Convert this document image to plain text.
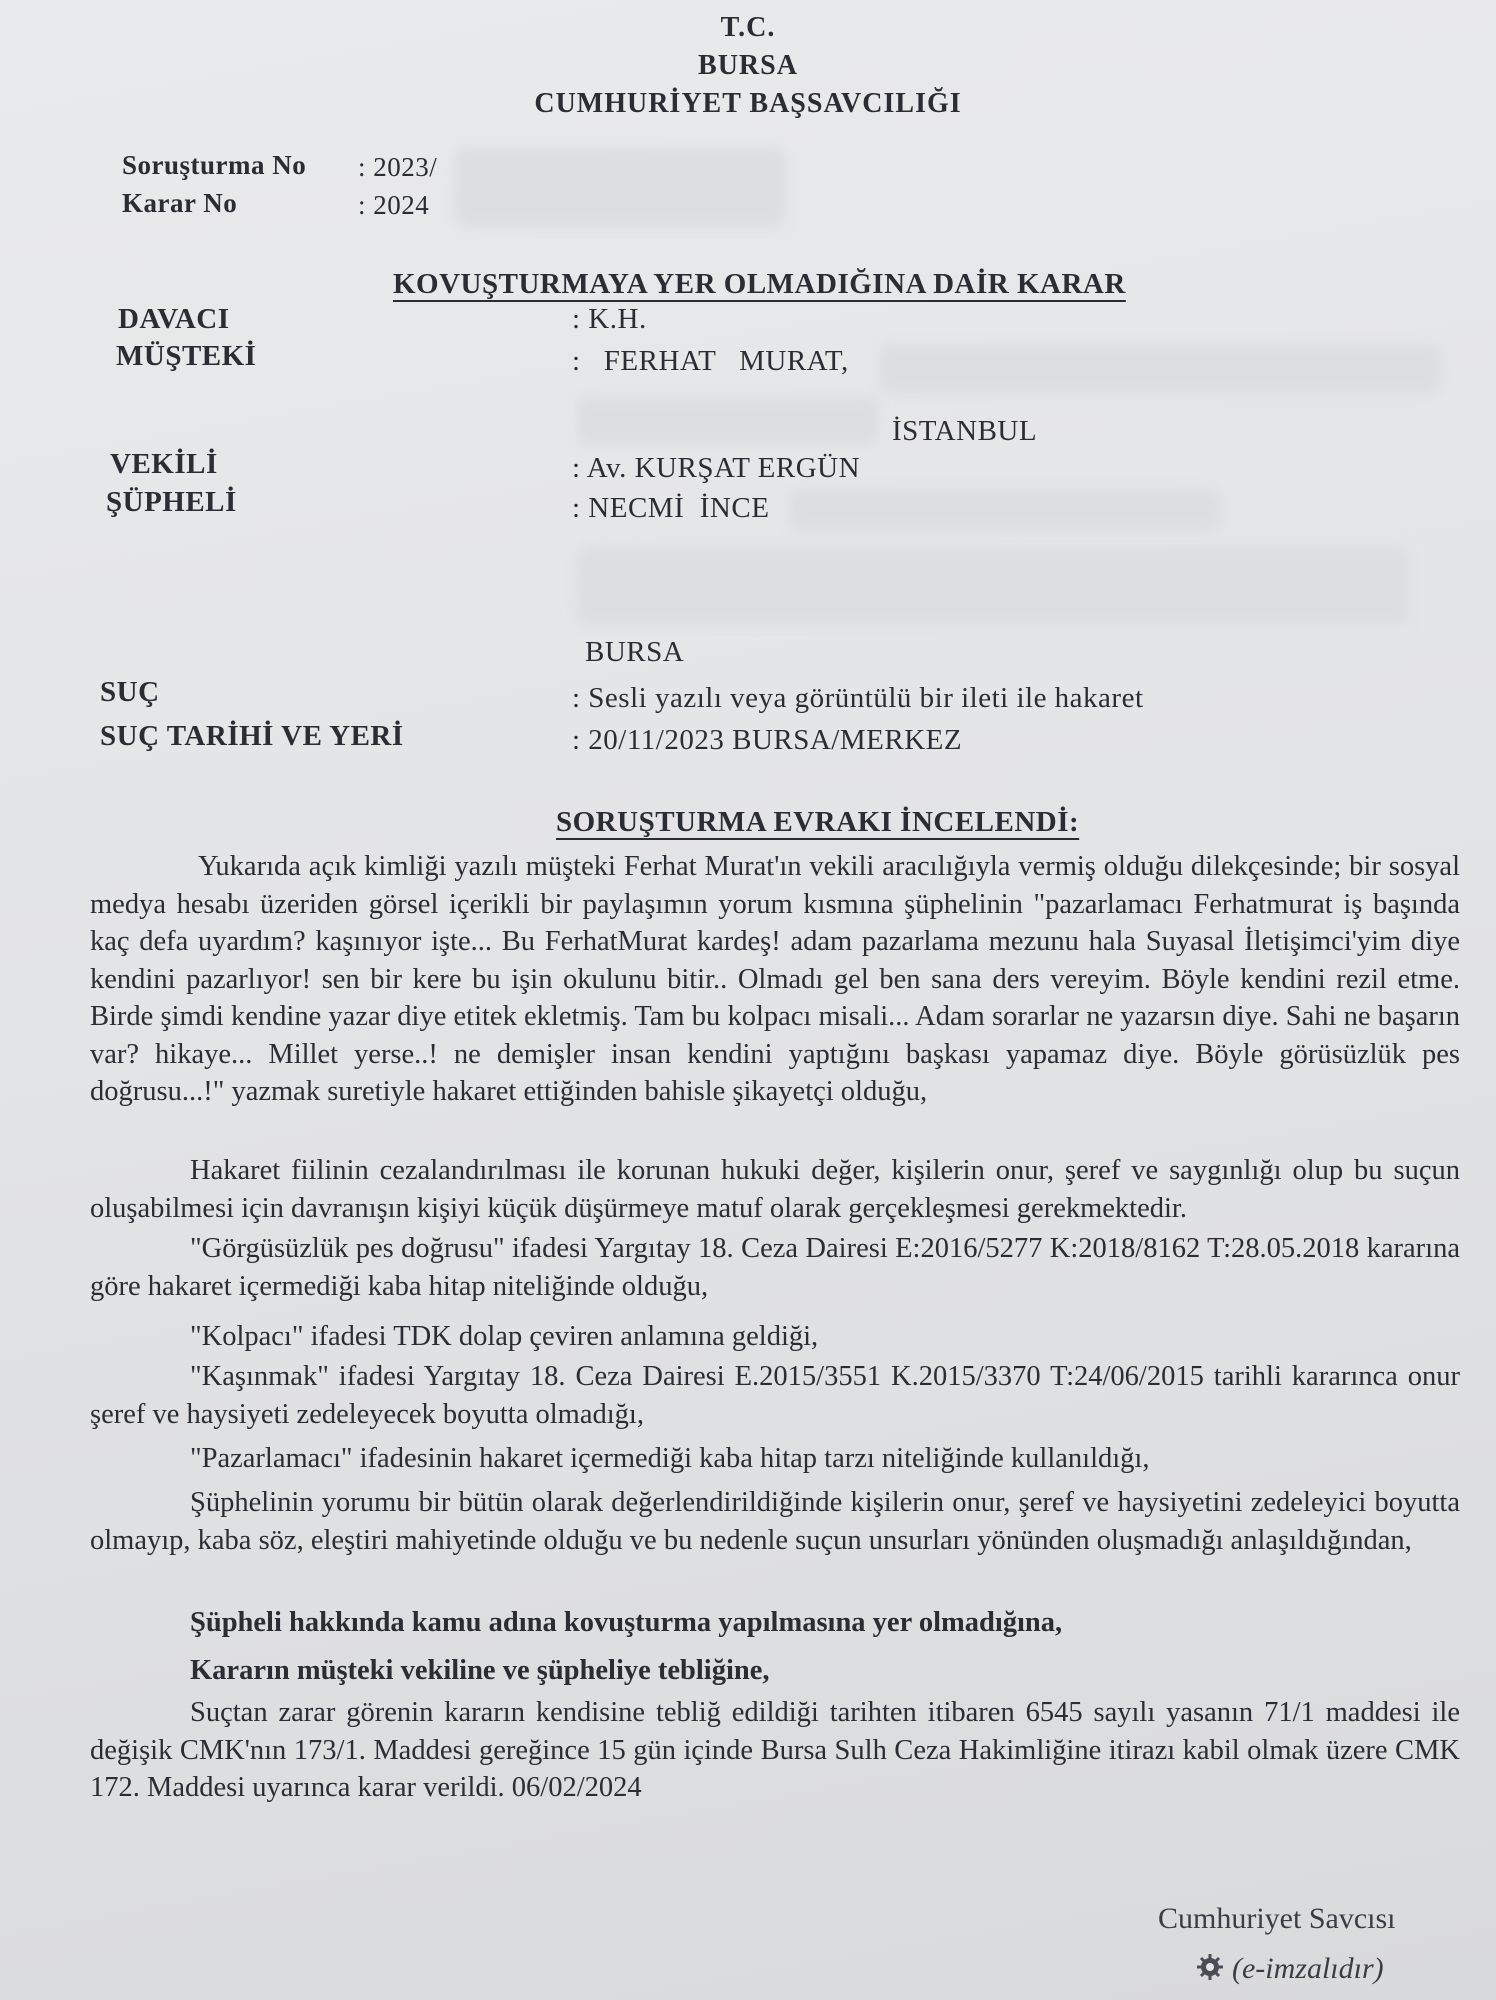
T.C.
BURSA
CUMHURİYET BAŞSAVCILIĞI
Soruşturma No : 2023/
Karar No	: 2024
KOVUŞTURMAYA YER OLMADIĞINA DAİR KARAR
DAVACI	: K.H.
MÜŞTEKİ	:   FERHAT   MURAT,
İSTANBUL
VEKİLİ	: Av. KURŞAT ERGÜN
ŞÜPHELİ	: NECMİ  İNCE
BURSA
SUÇ	: Sesli yazılı veya görüntülü bir ileti ile hakaret
SUÇ TARİHİ VE YERİ	: 20/11/2023 BURSA/MERKEZ
SORUŞTURMA EVRAKI İNCELENDİ:
Yukarıda açık kimliği yazılı müşteki Ferhat Murat'ın vekili aracılığıyla vermiş olduğu dilekçesinde; bir sosyal medya hesabı üzeriden görsel içerikli bir paylaşımın yorum kısmına şüphelinin "pazarlamacı Ferhatmurat iş başında kaç defa uyardım? kaşınıyor işte... Bu FerhatMurat kardeş! adam pazarlama mezunu hala Suyasal İletişimci'yim diye kendini pazarlıyor! sen bir kere bu işin okulunu bitir.. Olmadı gel ben sana ders vereyim. Böyle kendini rezil etme. Birde şimdi kendine yazar diye etitek ekletmiş. Tam bu kolpacı misali... Adam sorarlar ne yazarsın diye. Sahi ne başarın var? hikaye... Millet yerse..! ne demişler insan kendini yaptığını başkası yapamaz diye. Böyle görüsüzlük pes doğrusu...!" yazmak suretiyle hakaret ettiğinden bahisle şikayetçi olduğu,
Hakaret fiilinin cezalandırılması ile korunan hukuki değer, kişilerin onur, şeref ve saygınlığı olup bu suçun oluşabilmesi için davranışın kişiyi küçük düşürmeye matuf olarak gerçekleşmesi gerekmektedir.
"Görgüsüzlük pes doğrusu" ifadesi Yargıtay 18. Ceza Dairesi E:2016/5277 K:2018/8162 T:28.05.2018 kararına göre hakaret içermediği kaba hitap niteliğinde olduğu,
"Kolpacı" ifadesi TDK dolap çeviren anlamına geldiği,
"Kaşınmak" ifadesi Yargıtay 18. Ceza Dairesi E.2015/3551 K.2015/3370 T:24/06/2015 tarihli kararınca onur şeref ve haysiyeti zedeleyecek boyutta olmadığı,
"Pazarlamacı" ifadesinin hakaret içermediği kaba hitap tarzı niteliğinde kullanıldığı,
Şüphelinin yorumu bir bütün olarak değerlendirildiğinde kişilerin onur, şeref ve haysiyetini zedeleyici boyutta olmayıp, kaba söz, eleştiri mahiyetinde olduğu ve bu nedenle suçun unsurları yönünden oluşmadığı anlaşıldığından,
Şüpheli hakkında kamu adına kovuşturma yapılmasına yer olmadığına,
Kararın müşteki vekiline ve şüpheliye tebliğine,
Suçtan zarar görenin kararın kendisine tebliğ edildiği tarihten itibaren 6545 sayılı yasanın 71/1 maddesi ile değişik CMK'nın 173/1. Maddesi gereğince 15 gün içinde Bursa Sulh Ceza Hakimliğine itirazı kabil olmak üzere CMK 172. Maddesi uyarınca karar verildi. 06/02/2024
Cumhuriyet Savcısı
(e-imzalıdır)
